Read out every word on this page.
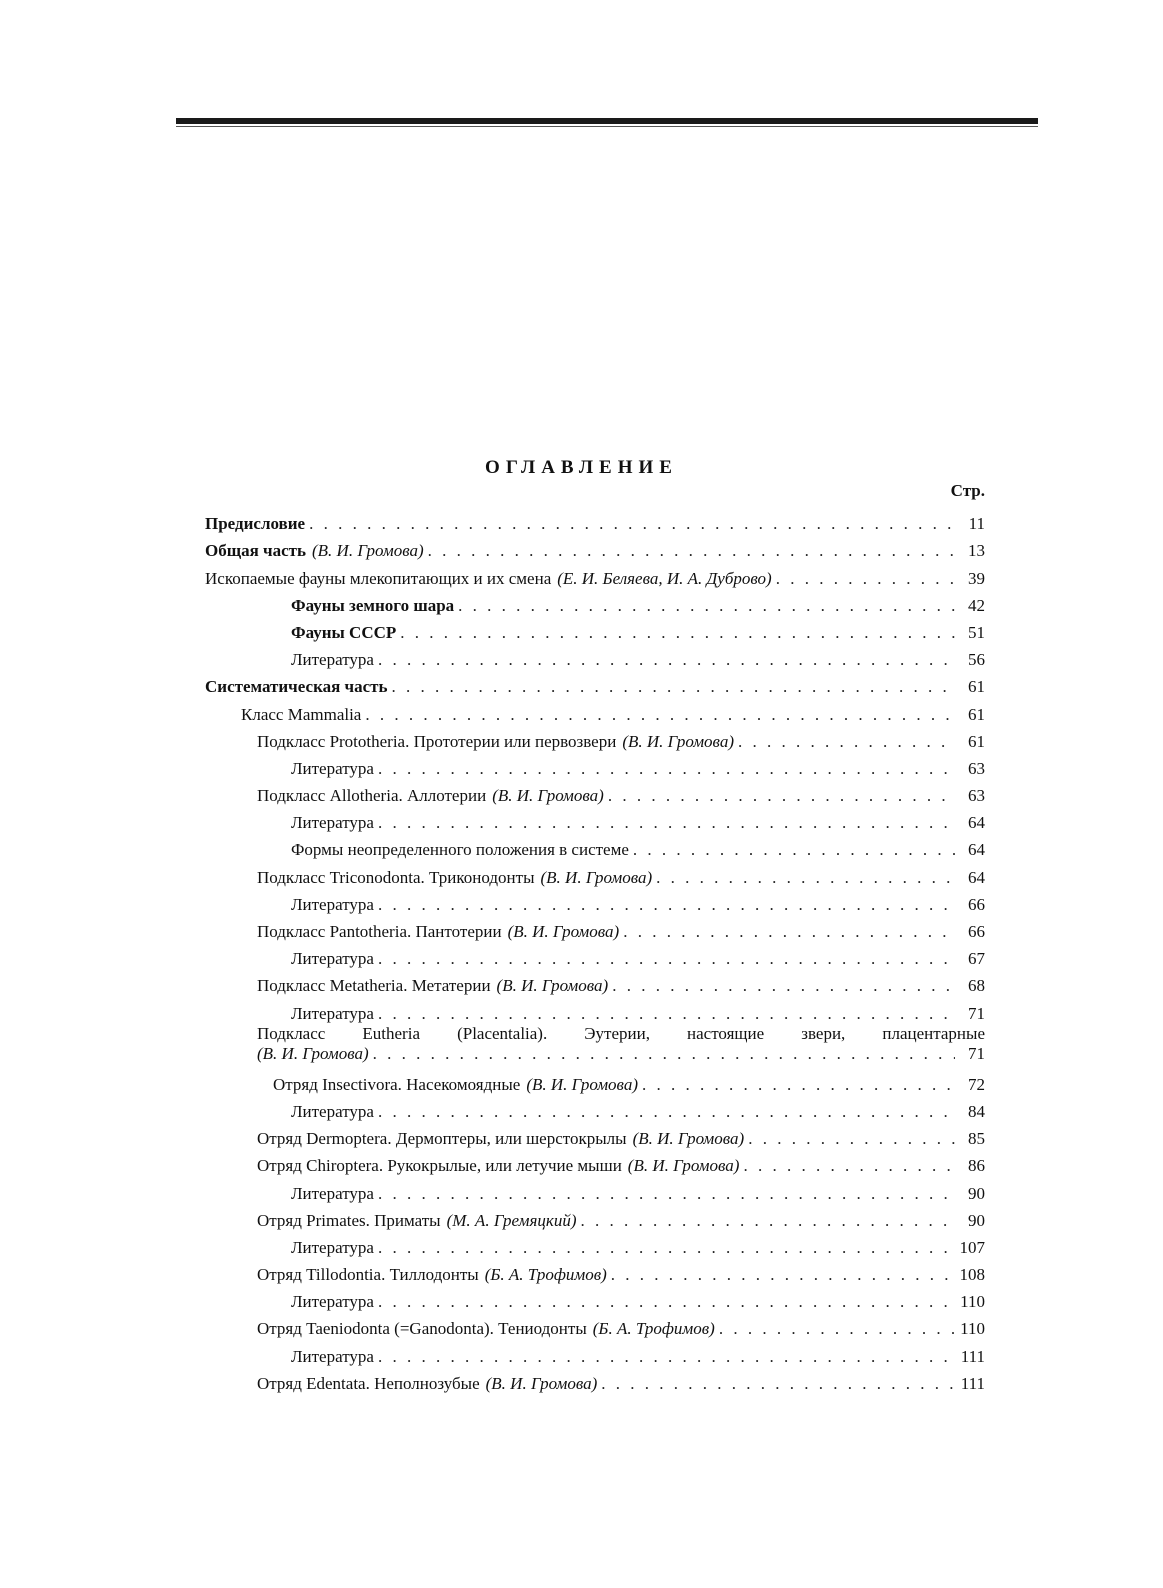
ОГЛАВЛЕНИЕ
Стр.
Предисловие . . .	11
Общая часть (В. И. Громова) . . .	13
Ископаемые фауны млекопитающих и их смена (Е. И. Беляева, И. А. Дуброво) . . .	39
Фауны земного шара . . .	42
Фауны СССР . . .	51
Литература . . .	56
Систематическая часть . . .	61
Класс Mammalia . . .	61
Подкласс Prototheria. Прототерии или первозвери (В. И. Громова) . . .	61
Литература . . .	63
Подкласс Allotheria. Аллотерии (В. И. Громова) . . .	63
Литература . . .	64
Формы неопределенного положения в системе . . .	64
Подкласс Triconodonta. Триконодонты (В. И. Громова) . . .	64
Литература . . .	66
Подкласс Pantotheria. Пантотерии (В. И. Громова) . . .	66
Литература . . .	67
Подкласс Metatheria. Метатерии (В. И. Громова) . . .	68
Литература . . .	71
Подкласс Eutheria (Placentalia). Эутерии, настоящие звери, плацентарные
(В. И. Громова) . . .	71
Отряд Insectivora. Насекомоядные (В. И. Громова) . . .	72
Литература . . .	84
Отряд Dermoptera. Дермоптеры, или шерстокрылы (В. И. Громова) . . .	85
Отряд Chiroptera. Рукокрылые, или летучие мыши (В. И. Громова) . . .	86
Литература . . .	90
Отряд Primates. Приматы (М. А. Гремяцкий) . . .	90
Литература . . .	107
Отряд Tillodontia. Тиллодонты (Б. А. Трофимов) . . .	108
Литература . . .	110
Отряд Taeniodonta (=Ganodonta). Тениодонты (Б. А. Трофимов) . . .	110
Литература . . .	111
Отряд Edentata. Неполнозубые (В. И. Громова) . . .	111
